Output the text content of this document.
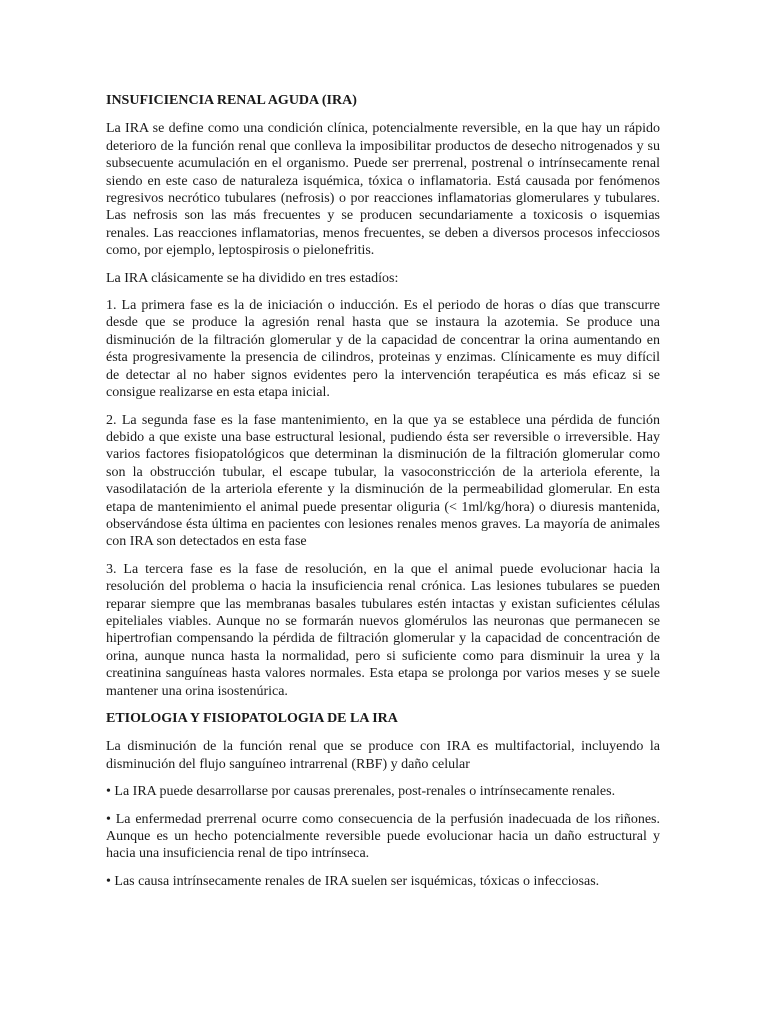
INSUFICIENCIA RENAL AGUDA (IRA)

La IRA se define como una condición clínica, potencialmente reversible, en la que hay un rápido deterioro de la función renal que conlleva la imposibilitar productos de desecho nitrogenados y su subsecuente acumulación en el organismo. Puede ser prerrenal, postrenal o intrínsecamente renal siendo en este caso de naturaleza isquémica, tóxica o inflamatoria. Está causada por fenómenos regresivos necrótico tubulares (nefrosis) o por reacciones inflamatorias glomerulares y tubulares. Las nefrosis son las más frecuentes y se producen secundariamente a toxicosis o isquemias renales. Las reacciones inflamatorias, menos frecuentes, se deben a diversos procesos infecciosos como, por ejemplo, leptospirosis o pielonefritis.

La IRA clásicamente se ha dividido en tres estadíos:

1. La primera fase es la de iniciación o inducción. Es el periodo de horas o días que transcurre desde que se produce la agresión renal hasta que se instaura la azotemia. Se produce una disminución de la filtración glomerular y de la capacidad de concentrar la orina aumentando en ésta progresivamente la presencia de cilindros, proteinas y enzimas. Clínicamente es muy difícil de detectar al no haber signos evidentes pero la intervención terapéutica es más eficaz si se consigue realizarse en esta etapa inicial.

2. La segunda fase es la fase mantenimiento, en la que ya se establece una pérdida de función debido a que existe una base estructural lesional, pudiendo ésta ser reversible o irreversible. Hay varios factores fisiopatológicos que determinan la disminución de la filtración glomerular como son la obstrucción tubular, el escape tubular, la vasoconstricción de la arteriola eferente, la vasodilatación de la arteriola eferente y la disminución de la permeabilidad glomerular. En esta etapa de mantenimiento el animal puede presentar oliguria (< 1ml/kg/hora) o diuresis mantenida, observándose ésta última en pacientes con lesiones renales menos graves. La mayoría de animales con IRA son detectados en esta fase

3. La tercera fase es la fase de resolución, en la que el animal puede evolucionar hacia la resolución del problema o hacia la insuficiencia renal crónica. Las lesiones tubulares se pueden reparar siempre que las membranas basales tubulares estén intactas y existan suficientes células epiteliales viables. Aunque no se formarán nuevos glomérulos las neuronas que permanecen se hipertrofian compensando la pérdida de filtración glomerular y la capacidad de concentración de orina, aunque nunca hasta la normalidad, pero si suficiente como para disminuir la urea y la creatinina sanguíneas hasta valores normales. Esta etapa se prolonga por varios meses y se suele mantener una orina isostenúrica.

ETIOLOGIA Y FISIOPATOLOGIA DE LA IRA

La disminución de la función renal que se produce con IRA es multifactorial, incluyendo la disminución del flujo sanguíneo intrarrenal (RBF) y daño celular

• La IRA puede desarrollarse por causas prerenales, post-renales o intrínsecamente renales.

• La enfermedad prerrenal ocurre como consecuencia de la perfusión inadecuada de los riñones. Aunque es un hecho potencialmente reversible puede evolucionar hacia un daño estructural y hacia una insuficiencia renal de tipo intrínseca.

• Las causa intrínsecamente renales de IRA suelen ser isquémicas, tóxicas o infecciosas.
